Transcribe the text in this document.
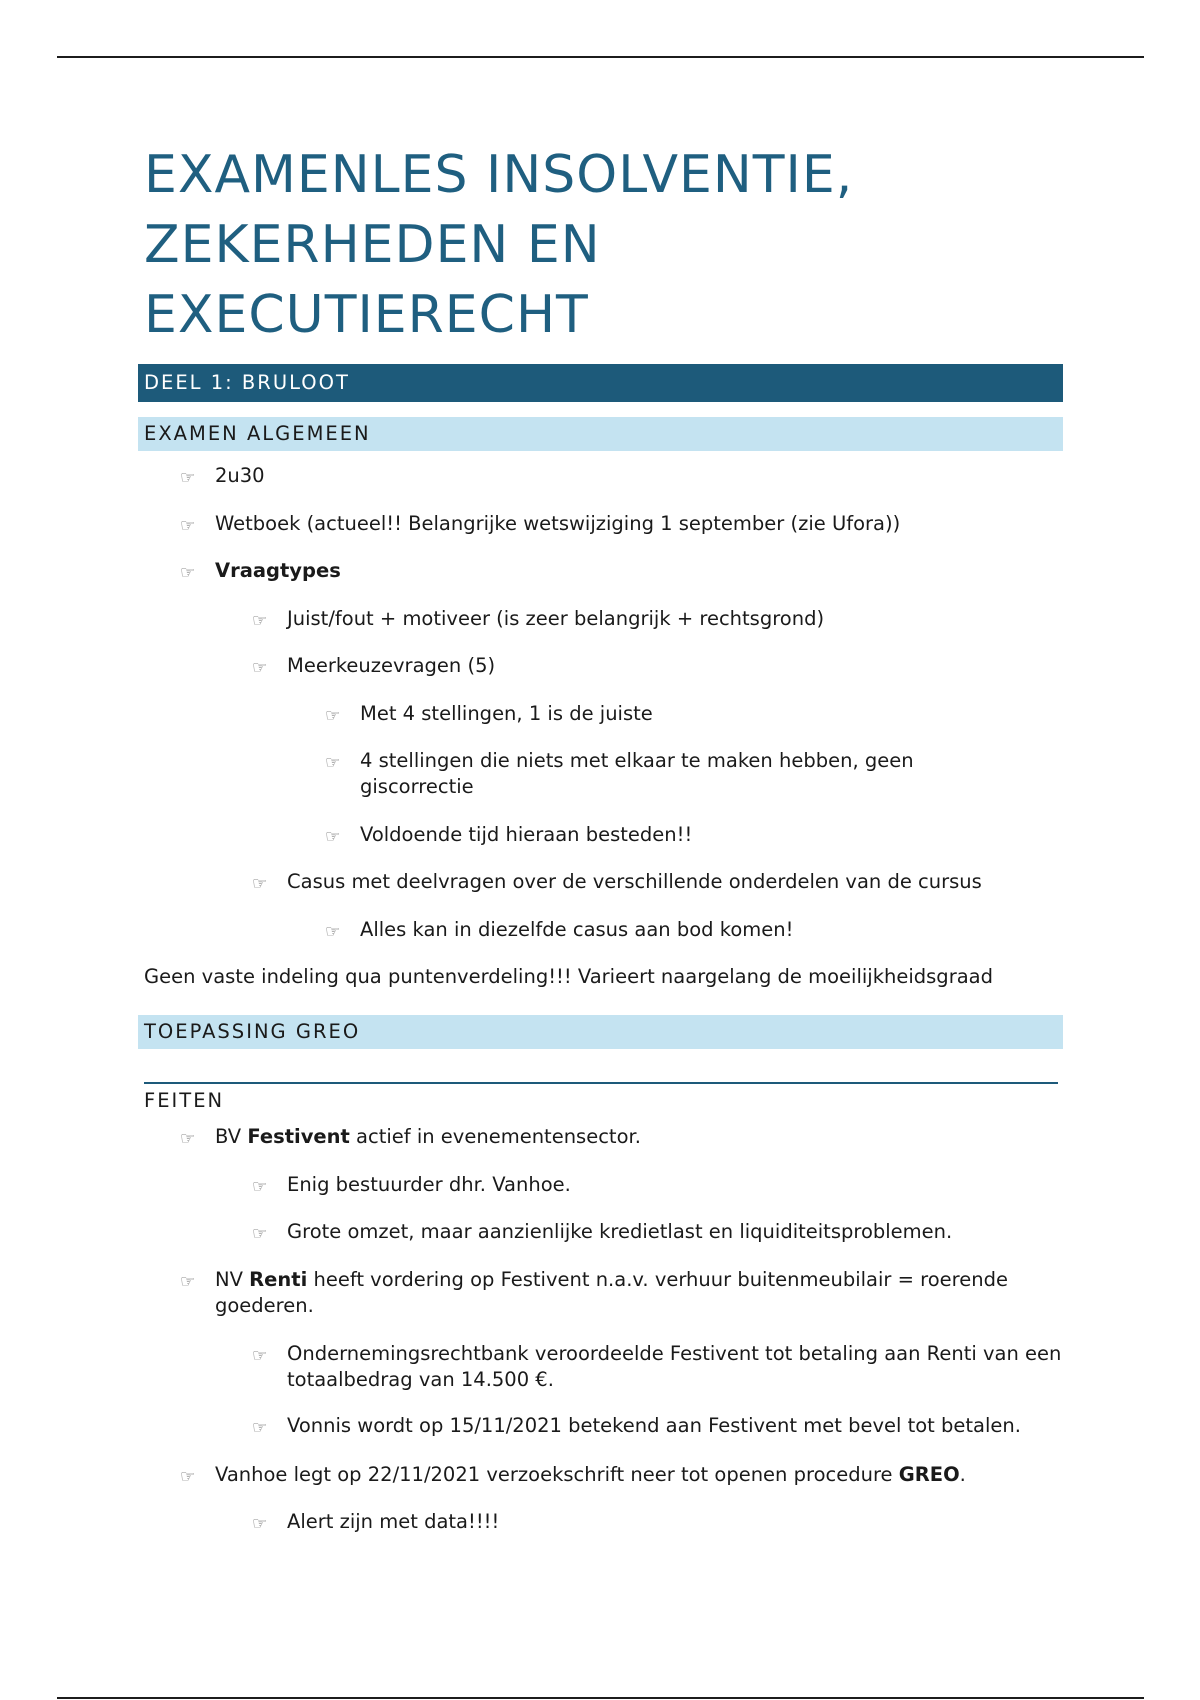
EXAMENLES INSOLVENTIE,
ZEKERHEDEN EN
EXECUTIERECHT
DEEL 1: BRULOOT
EXAMEN ALGEMEEN
☞ 2u30
☞ Wetboek (actueel!! Belangrijke wetswijziging 1 september (zie Ufora))
☞ Vraagtypes
☞ Juist/fout + motiveer (is zeer belangrijk + rechtsgrond)
☞ Meerkeuzevragen (5)
☞ Met 4 stellingen, 1 is de juiste
☞ 4 stellingen die niets met elkaar te maken hebben, geen giscorrectie
☞ Voldoende tijd hieraan besteden!!
☞ Casus met deelvragen over de verschillende onderdelen van de cursus
☞ Alles kan in diezelfde casus aan bod komen!
Geen vaste indeling qua puntenverdeling!!! Varieert naargelang de moeilijkheidsgraad
TOEPASSING GREO
FEITEN
☞ BV Festivent actief in evenementensector.
☞ Enig bestuurder dhr. Vanhoe.
☞ Grote omzet, maar aanzienlijke kredietlast en liquiditeitsproblemen.
☞ NV Renti heeft vordering op Festivent n.a.v. verhuur buitenmeubilair = roerende goederen.
☞ Ondernemingsrechtbank veroordeelde Festivent tot betaling aan Renti van een totaalbedrag van 14.500 €.
☞ Vonnis wordt op 15/11/2021 betekend aan Festivent met bevel tot betalen.
☞ Vanhoe legt op 22/11/2021 verzoekschrift neer tot openen procedure GREO.
☞ Alert zijn met data!!!!
